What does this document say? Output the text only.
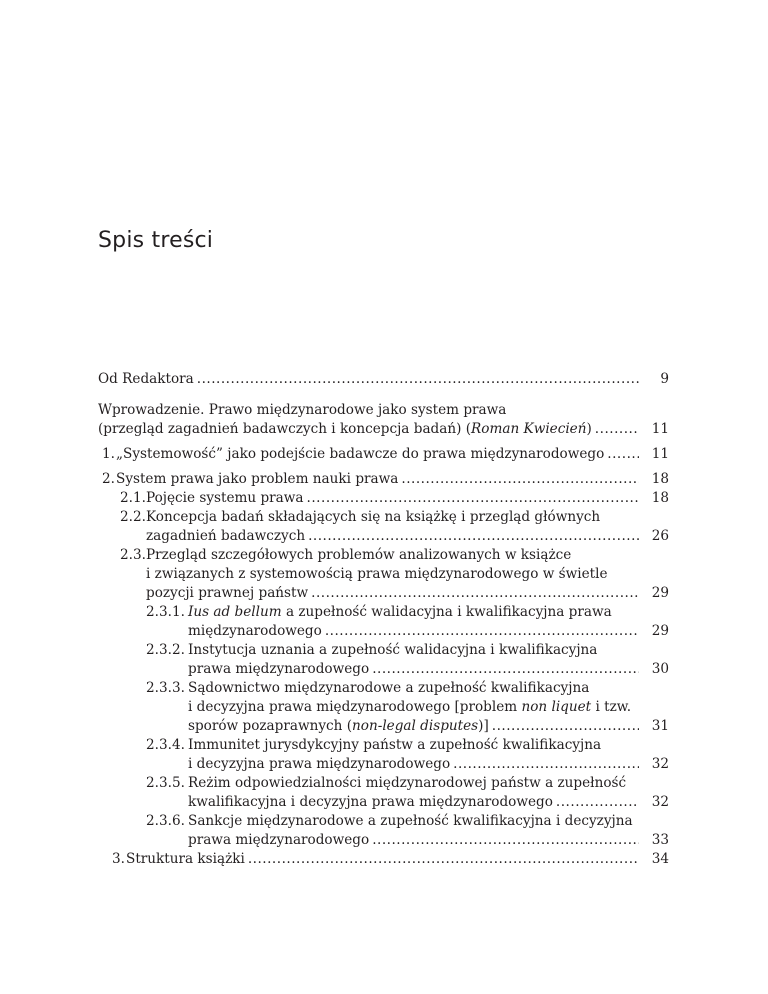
Spis treści
Od Redaktora .....	9
Wprowadzenie. Prawo międzynarodowe jako system prawa
(przegląd zagadnień badawczych i koncepcja badań) (Roman Kwiecień) .....	11
1. „Systemowość” jako podejście badawcze do prawa międzynarodowego .....	11
2. System prawa jako problem nauki prawa .....	18
2.1. Pojęcie systemu prawa .....	18
2.2. Koncepcja badań składających się na książkę i przegląd głównych
zagadnień badawczych .....	26
2.3. Przegląd szczegółowych problemów analizowanych w książce
i związanych z systemowością prawa międzynarodowego w świetle
pozycji prawnej państw .....	29
2.3.1. Ius ad bellum a zupełność walidacyjna i kwalifikacyjna prawa
międzynarodowego .....	29
2.3.2. Instytucja uznania a zupełność walidacyjna i kwalifikacyjna
prawa międzynarodowego .....	30
2.3.3. Sądownictwo międzynarodowe a zupełność kwalifikacyjna
i decyzyjna prawa międzynarodowego [problem non liquet i tzw.
sporów pozaprawnych (non-legal disputes)] .....	31
2.3.4. Immunitet jurysdykcyjny państw a zupełność kwalifikacyjna
i decyzyjna prawa międzynarodowego .....	32
2.3.5. Reżim odpowiedzialności międzynarodowej państw a zupełność
kwalifikacyjna i decyzyjna prawa międzynarodowego .....	32
2.3.6. Sankcje międzynarodowe a zupełność kwalifikacyjna i decyzyjna
prawa międzynarodowego .....	33
3. Struktura książki .....	34
